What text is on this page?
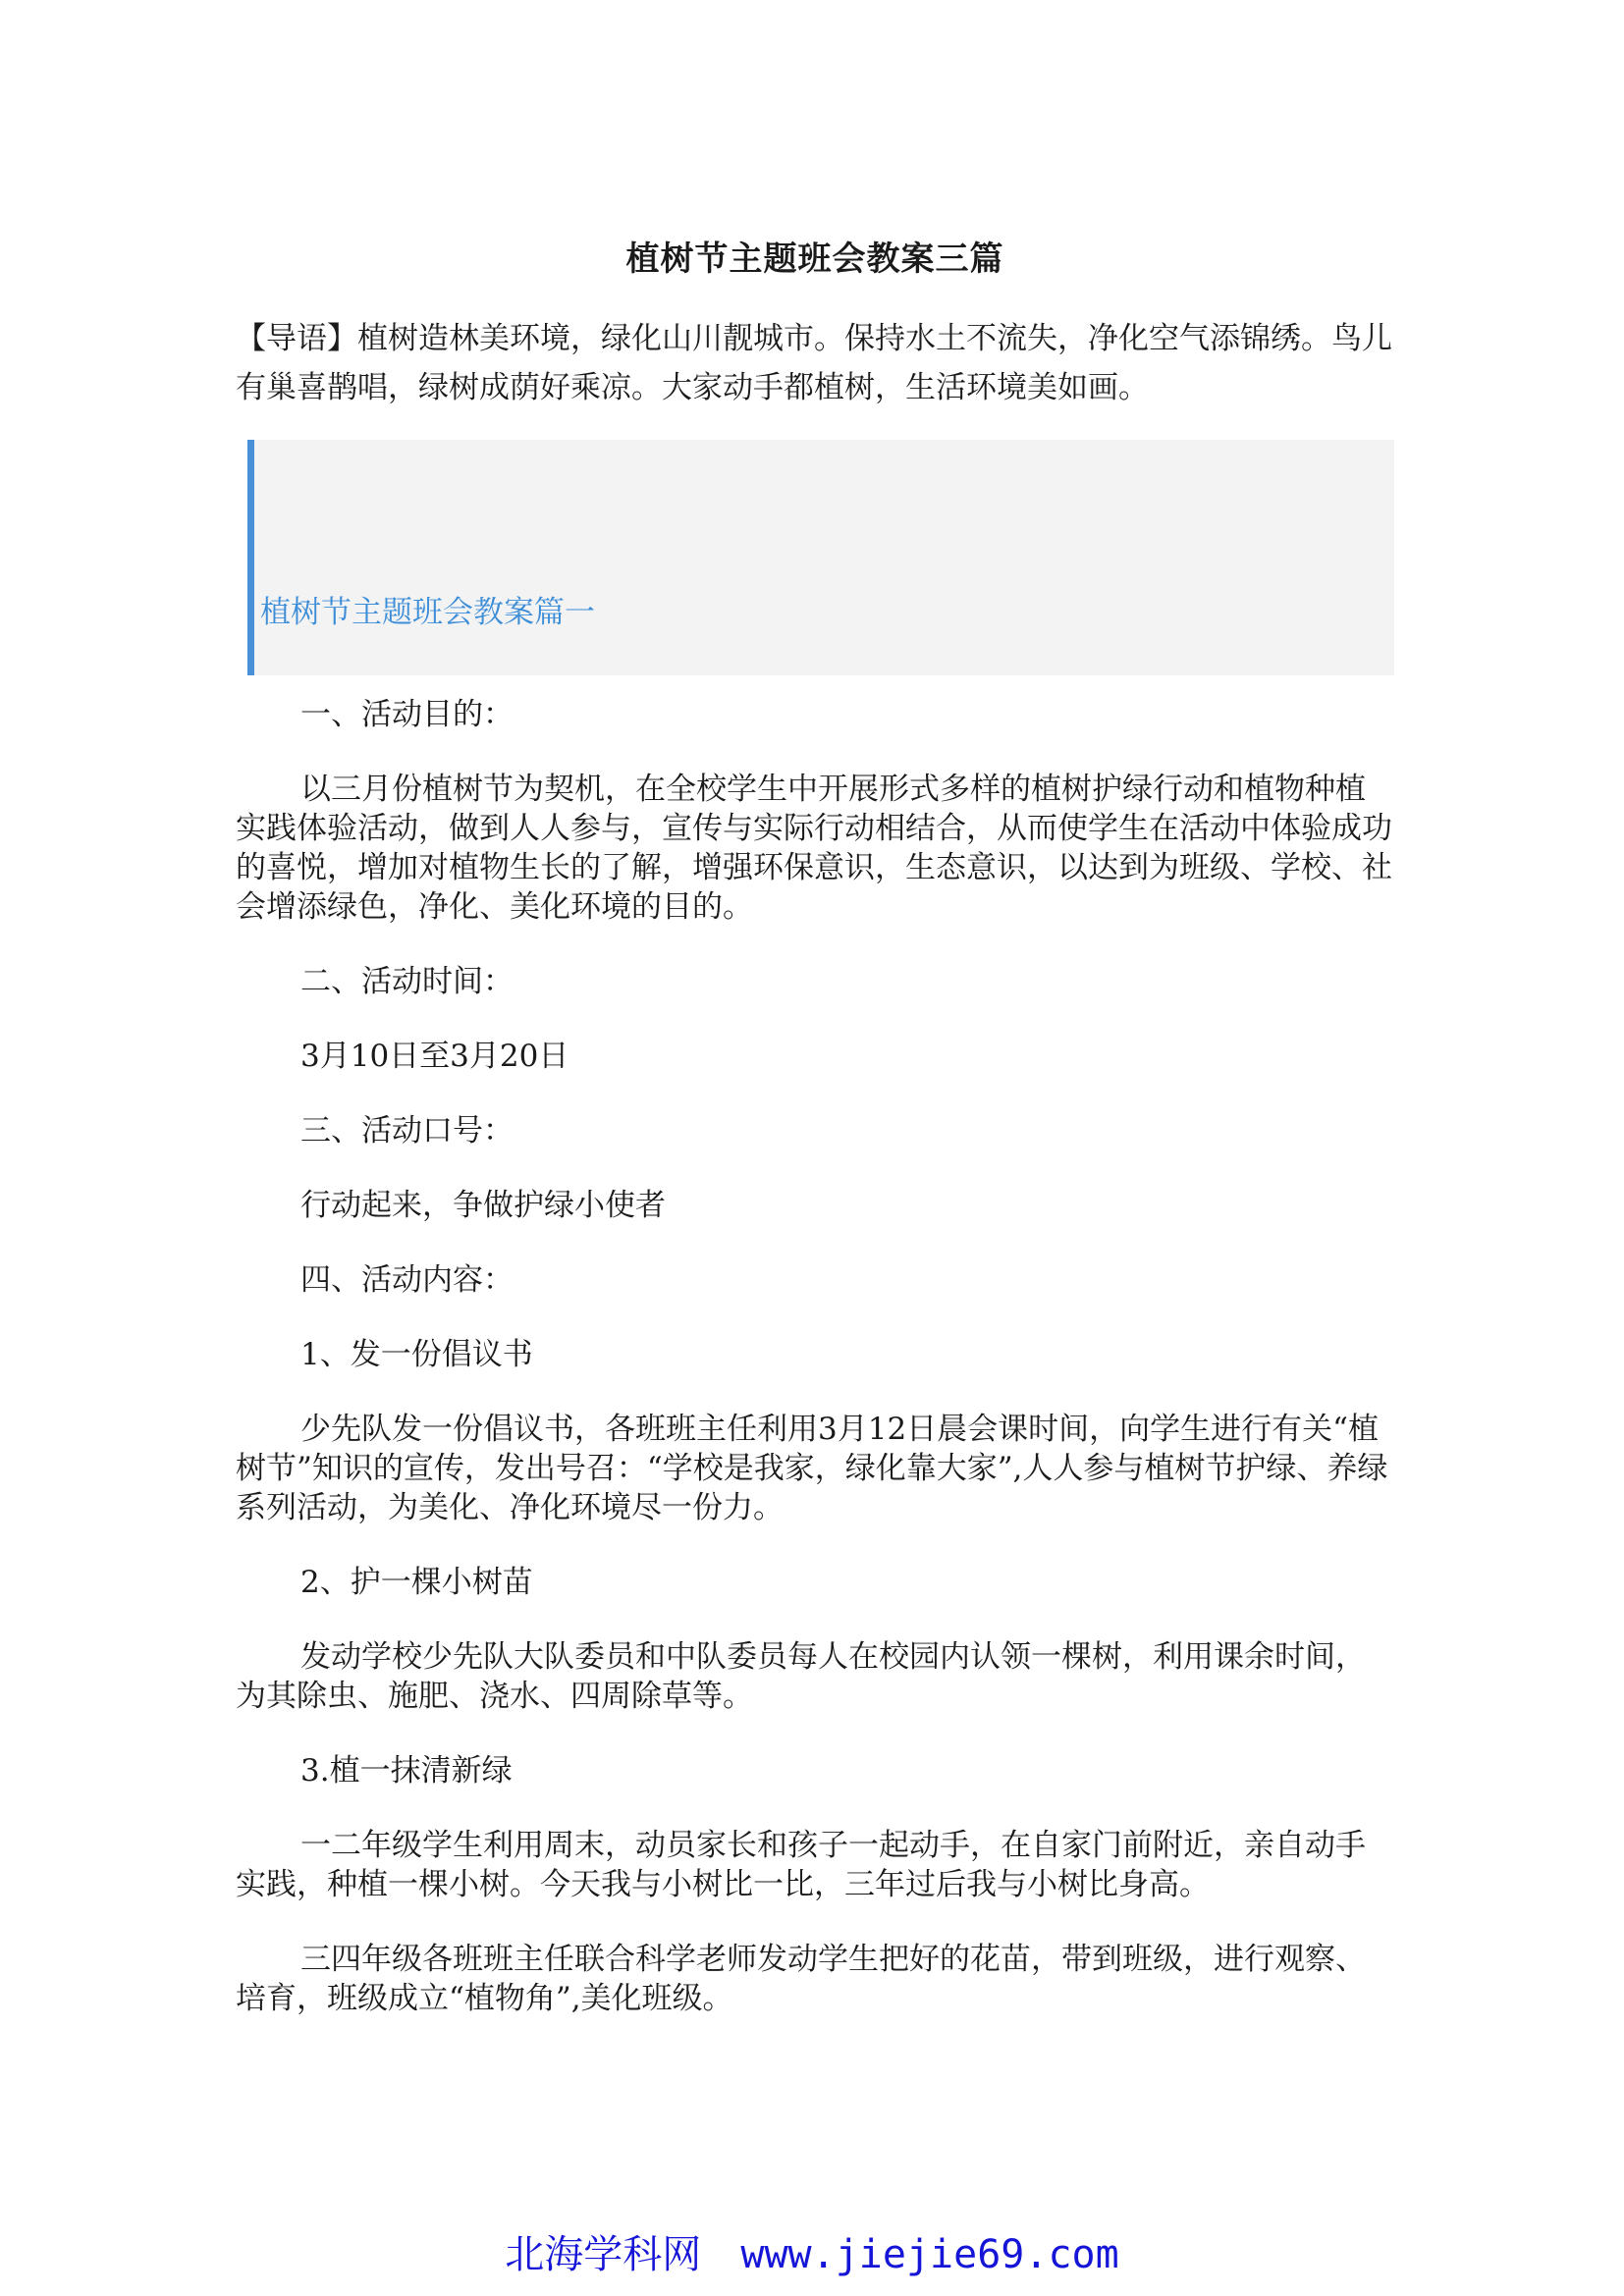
植树节主题班会教案三篇
【导语】植树造林美环境，绿化山川靓城市。保持水土不流失，净化空气添锦绣。鸟儿有巢喜鹊唱，绿树成荫好乘凉。大家动手都植树，生活环境美如画。
植树节主题班会教案篇一

一、活动目的：

以三月份植树节为契机，在全校学生中开展形式多样的植树护绿行动和植物种植实践体验活动，做到人人参与，宣传与实际行动相结合，从而使学生在活动中体验成功的喜悦，增加对植物生长的了解，增强环保意识，生态意识，以达到为班级、学校、社会增添绿色，净化、美化环境的目的。

二、活动时间：

3月10日至3月20日

三、活动口号：

行动起来，争做护绿小使者

四、活动内容：

1、发一份倡议书

少先队发一份倡议书，各班班主任利用3月12日晨会课时间，向学生进行有关“植树节”知识的宣传，发出号召：“学校是我家，绿化靠大家”,人人参与植树节护绿、养绿系列活动，为美化、净化环境尽一份力。

2、护一棵小树苗

发动学校少先队大队委员和中队委员每人在校园内认领一棵树，利用课余时间，为其除虫、施肥、浇水、四周除草等。

3.植一抹清新绿

一二年级学生利用周末，动员家长和孩子一起动手，在自家门前附近，亲自动手实践，种植一棵小树。今天我与小树比一比，三年过后我与小树比身高。

三四年级各班班主任联合科学老师发动学生把好的花苗，带到班级，进行观察、培育，班级成立“植物角”,美化班级。

北海学科网 www.jiejie69.com
